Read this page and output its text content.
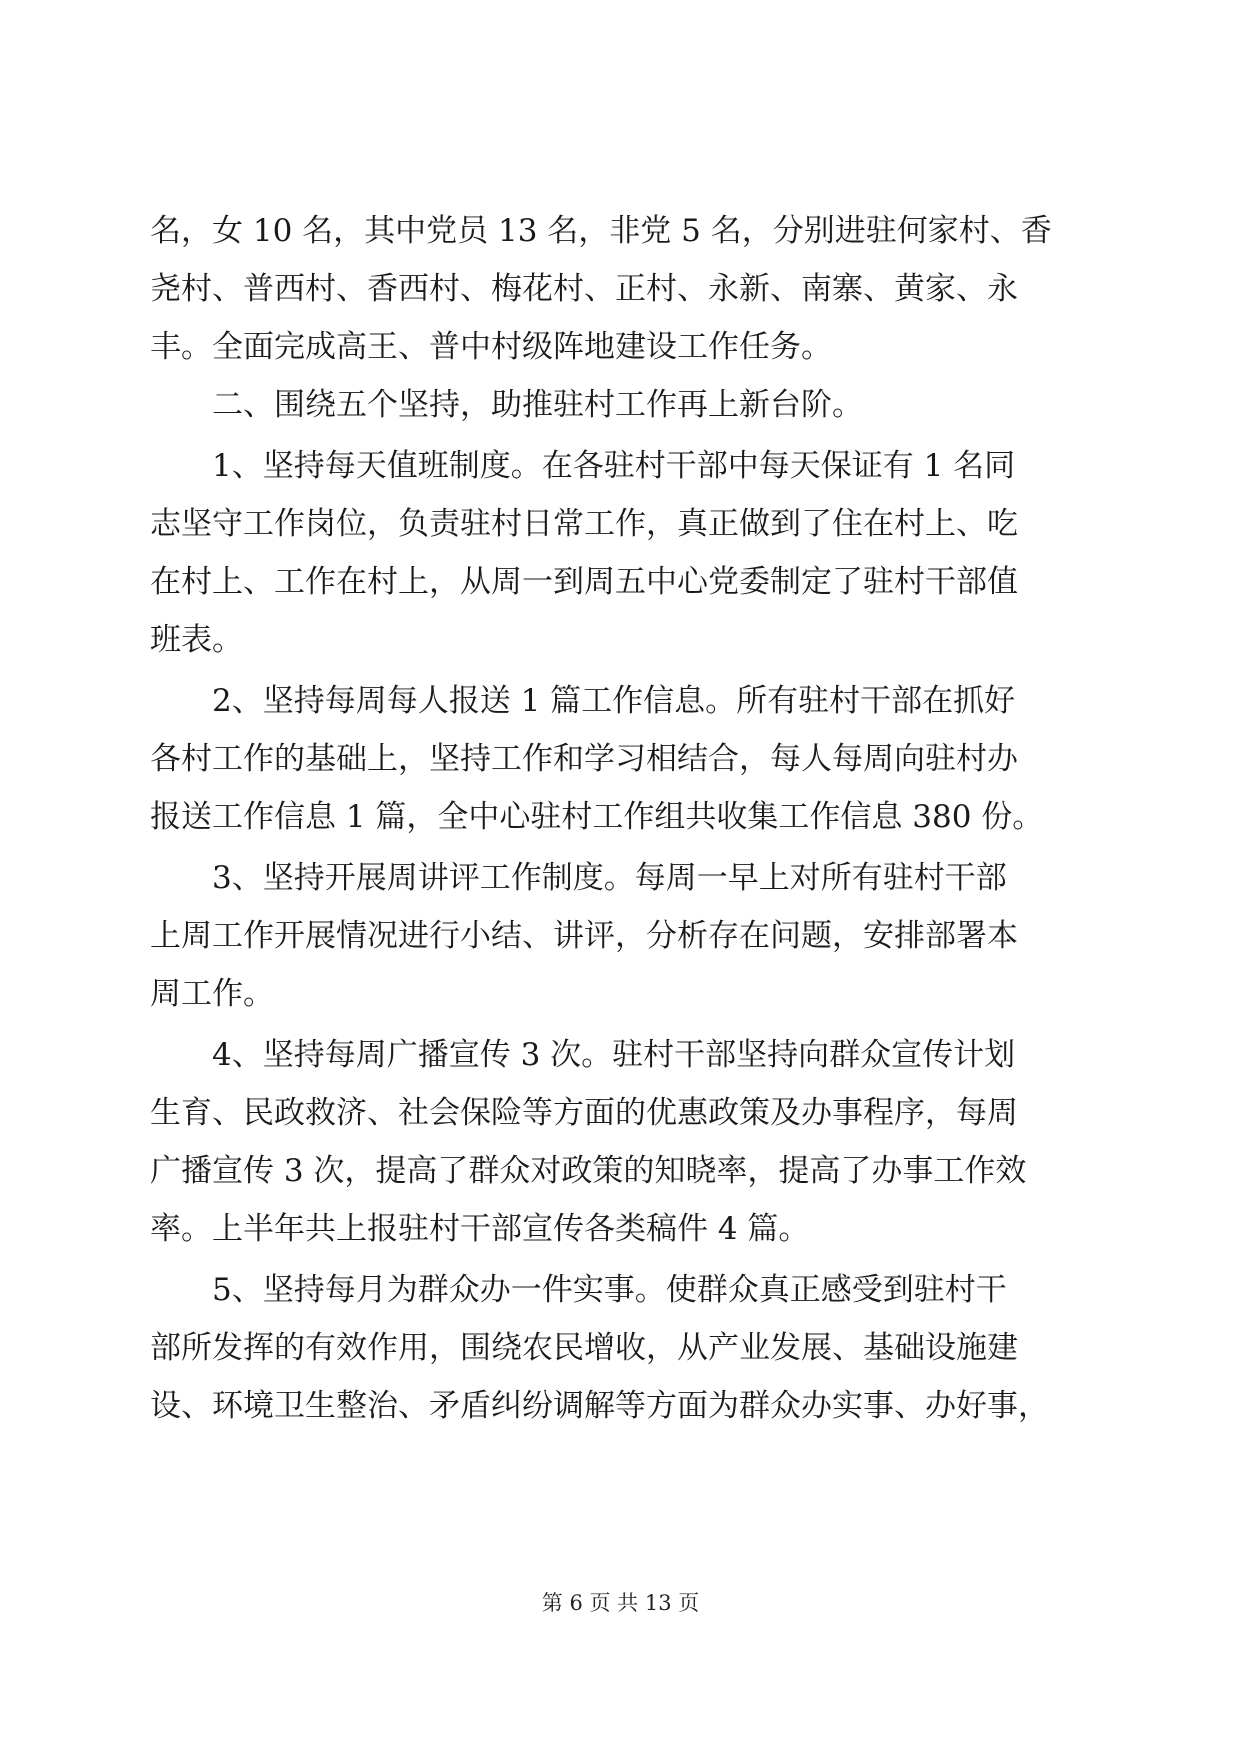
名，女 10 名，其中党员 13 名，非党 5 名，分别进驻何家村、香
尧村、普西村、香西村、梅花村、正村、永新、南寨、黄家、永
丰。全面完成高王、普中村级阵地建设工作任务。
二、围绕五个坚持，助推驻村工作再上新台阶。
1、坚持每天值班制度。在各驻村干部中每天保证有 1 名同
志坚守工作岗位，负责驻村日常工作，真正做到了住在村上、吃
在村上、工作在村上，从周一到周五中心党委制定了驻村干部值
班表。
2、坚持每周每人报送 1 篇工作信息。所有驻村干部在抓好
各村工作的基础上，坚持工作和学习相结合，每人每周向驻村办
报送工作信息 1 篇，全中心驻村工作组共收集工作信息 380 份。
3、坚持开展周讲评工作制度。每周一早上对所有驻村干部
上周工作开展情况进行小结、讲评，分析存在问题，安排部署本
周工作。
4、坚持每周广播宣传 3 次。驻村干部坚持向群众宣传计划
生育、民政救济、社会保险等方面的优惠政策及办事程序，每周
广播宣传 3 次，提高了群众对政策的知晓率，提高了办事工作效
率。上半年共上报驻村干部宣传各类稿件 4 篇。
5、坚持每月为群众办一件实事。使群众真正感受到驻村干
部所发挥的有效作用，围绕农民增收，从产业发展、基础设施建
设、环境卫生整治、矛盾纠纷调解等方面为群众办实事、办好事，
第 6 页 共 13 页
